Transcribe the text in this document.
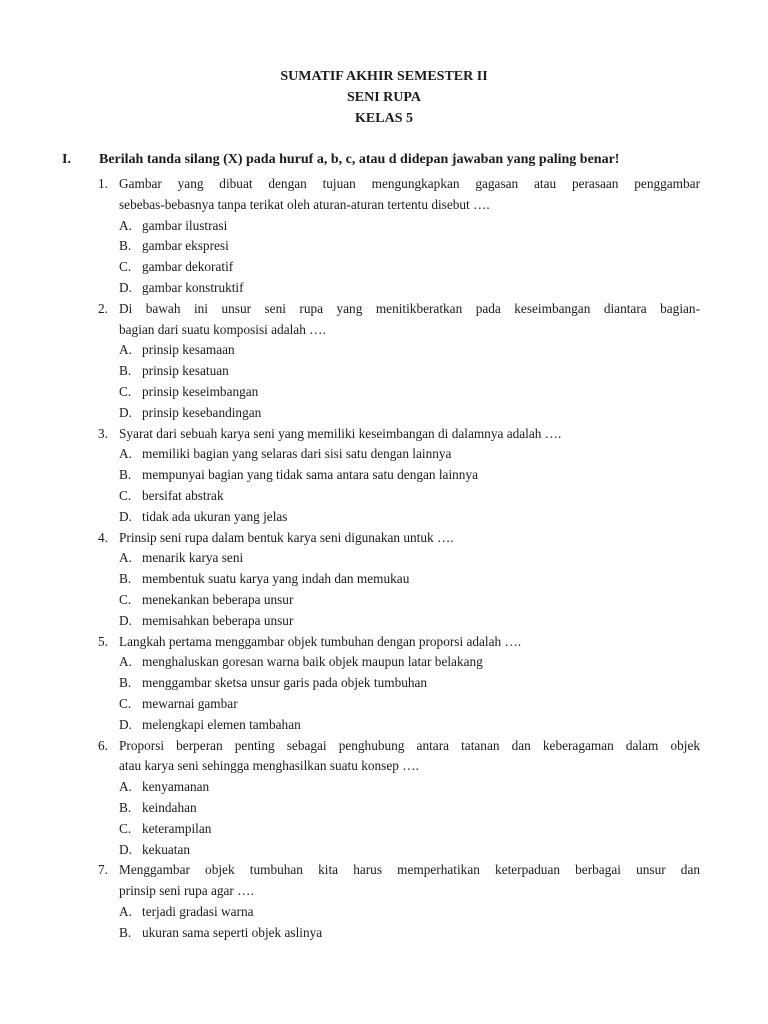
SUMATIF AKHIR SEMESTER II
SENI RUPA
KELAS 5
I. Berilah tanda silang (X) pada huruf a, b, c, atau d didepan jawaban yang paling benar!
1. Gambar yang dibuat dengan tujuan mengungkapkan gagasan atau perasaan penggambar
sebebas-bebasnya tanpa terikat oleh aturan-aturan tertentu disebut ….
A. gambar ilustrasi
B. gambar ekspresi
C. gambar dekoratif
D. gambar konstruktif
2. Di bawah ini unsur seni rupa yang menitikberatkan pada keseimbangan diantara bagian-
bagian dari suatu komposisi adalah ….
A. prinsip kesamaan
B. prinsip kesatuan
C. prinsip keseimbangan
D. prinsip kesebandingan
3. Syarat dari sebuah karya seni yang memiliki keseimbangan di dalamnya adalah ….
A. memiliki bagian yang selaras dari sisi satu dengan lainnya
B. mempunyai bagian yang tidak sama antara satu dengan lainnya
C. bersifat abstrak
D. tidak ada ukuran yang jelas
4. Prinsip seni rupa dalam bentuk karya seni digunakan untuk ….
A. menarik karya seni
B. membentuk suatu karya yang indah dan memukau
C. menekankan beberapa unsur
D. memisahkan beberapa unsur
5. Langkah pertama menggambar objek tumbuhan dengan proporsi adalah ….
A. menghaluskan goresan warna baik objek maupun latar belakang
B. menggambar sketsa unsur garis pada objek tumbuhan
C. mewarnai gambar
D. melengkapi elemen tambahan
6. Proporsi berperan penting sebagai penghubung antara tatanan dan keberagaman dalam objek
atau karya seni sehingga menghasilkan suatu konsep ….
A. kenyamanan
B. keindahan
C. keterampilan
D. kekuatan
7. Menggambar objek tumbuhan kita harus memperhatikan keterpaduan berbagai unsur dan
prinsip seni rupa agar ….
A. terjadi gradasi warna
B. ukuran sama seperti objek aslinya
